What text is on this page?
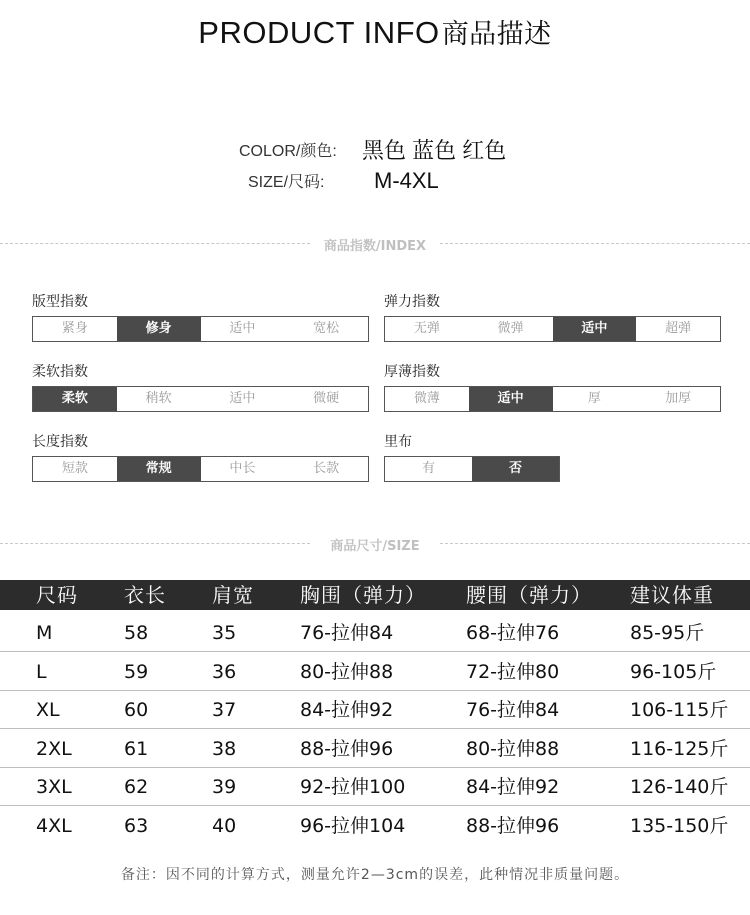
PRODUCT INFO商品描述
COLOR/颜色: 黑色 蓝色 红色
SIZE/尺码: M-4XL
商品指数/INDEX
版型指数
紧身	修身	适中	宽松
弹力指数
无弹	微弹	适中	超弹
柔软指数
柔软	稍软	适中	微硬
厚薄指数
微薄	适中	厚	加厚
长度指数
短款	常规	中长	长款
里布
有	否
商品尺寸/SIZE
尺码 衣长 肩宽 胸围（弹力） 腰围（弹力） 建议体重
M	58	35	76-拉伸84	68-拉伸76	85-95斤
L	59	36	80-拉伸88	72-拉伸80	96-105斤
XL	60	37	84-拉伸92	76-拉伸84	106-115斤
2XL	61	38	88-拉伸96	80-拉伸88	116-125斤
3XL	62	39	92-拉伸100	84-拉伸92	126-140斤
4XL	63	40	96-拉伸104	88-拉伸96	135-150斤
备注：因不同的计算方式，测量允许2—3cm的误差，此种情况非质量问题。
